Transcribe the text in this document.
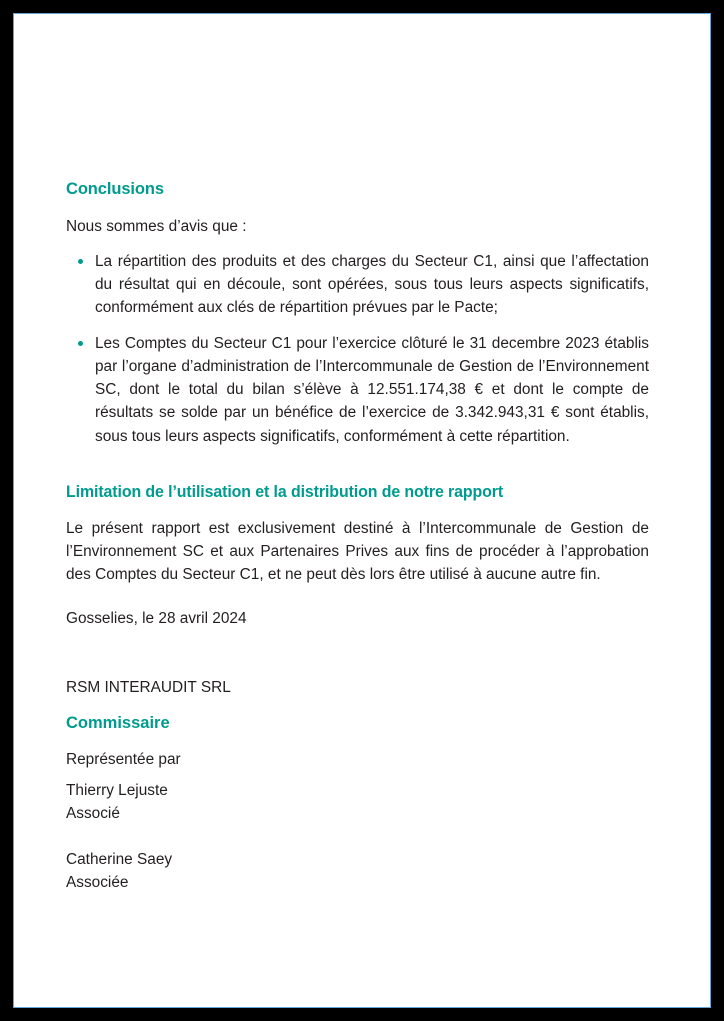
Conclusions

Nous sommes d’avis que :

La répartition des produits et des charges du Secteur C1, ainsi que l’affectation du résultat qui en découle, sont opérées, sous tous leurs aspects significatifs, conformément aux clés de répartition prévues par le Pacte;
Les Comptes du Secteur C1 pour l’exercice clôturé le 31 decembre 2023 établis par l’organe d’administration de l’Intercommunale de Gestion de l’Environnement SC, dont le total du bilan s’élève à 12.551.174,38 € et dont le compte de résultats se solde par un bénéfice de l’exercice de 3.342.943,31 € sont établis, sous tous leurs aspects significatifs, conformément à cette répartition.
Limitation de l’utilisation et la distribution de notre rapport

Le présent rapport est exclusivement destiné à l’Intercommunale de Gestion de l’Environnement SC et aux Partenaires Prives aux fins de procéder à l’approbation des Comptes du Secteur C1, et ne peut dès lors être utilisé à aucune autre fin.

Gosselies, le 28 avril 2024

RSM INTERAUDIT SRL

Commissaire

Représentée par

Thierry Lejuste

Associé

Catherine Saey

Associée
